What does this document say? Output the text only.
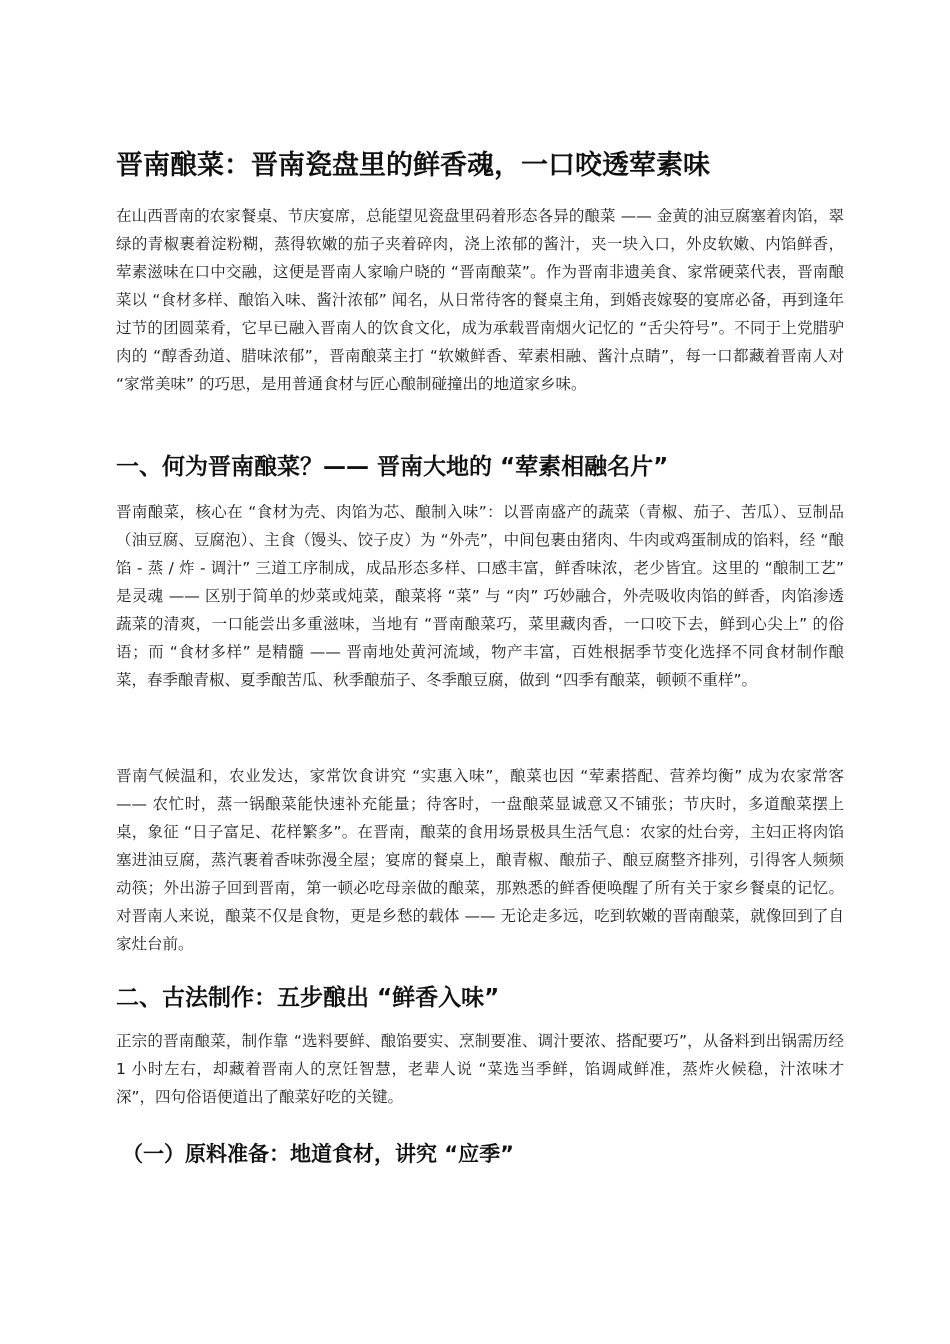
晋南酿菜：晋南瓷盘里的鲜香魂，一口咬透荤素味

在山西晋南的农家餐桌、节庆宴席，总能望见瓷盘里码着形态各异的酿菜 —— 金黄的油豆腐塞着肉馅，翠绿的青椒裹着淀粉糊，蒸得软嫩的茄子夹着碎肉，浇上浓郁的酱汁，夹一块入口，外皮软嫩、内馅鲜香，荤素滋味在口中交融，这便是晋南人家喻户晓的 “晋南酿菜”。作为晋南非遗美食、家常硬菜代表，晋南酿菜以 “食材多样、酿馅入味、酱汁浓郁” 闻名，从日常待客的餐桌主角，到婚丧嫁娶的宴席必备，再到逢年过节的团圆菜肴，它早已融入晋南人的饮食文化，成为承载晋南烟火记忆的 “舌尖符号”。不同于上党腊驴肉的 “醇香劲道、腊味浓郁”，晋南酿菜主打 “软嫩鲜香、荤素相融、酱汁点睛”，每一口都藏着晋南人对 “家常美味” 的巧思，是用普通食材与匠心酿制碰撞出的地道家乡味。

一、何为晋南酿菜？—— 晋南大地的 “荤素相融名片”

晋南酿菜，核心在 “食材为壳、肉馅为芯、酿制入味”：以晋南盛产的蔬菜（青椒、茄子、苦瓜）、豆制品（油豆腐、豆腐泡）、主食（馒头、饺子皮）为 “外壳”，中间包裹由猪肉、牛肉或鸡蛋制成的馅料，经 “酿馅 - 蒸 / 炸 - 调汁” 三道工序制成，成品形态多样、口感丰富，鲜香味浓，老少皆宜。这里的 “酿制工艺” 是灵魂 —— 区别于简单的炒菜或炖菜，酿菜将 “菜” 与 “肉” 巧妙融合，外壳吸收肉馅的鲜香，肉馅渗透蔬菜的清爽，一口能尝出多重滋味，当地有 “晋南酿菜巧，菜里藏肉香，一口咬下去，鲜到心尖上” 的俗语；而 “食材多样” 是精髓 —— 晋南地处黄河流域，物产丰富，百姓根据季节变化选择不同食材制作酿菜，春季酿青椒、夏季酿苦瓜、秋季酿茄子、冬季酿豆腐，做到 “四季有酿菜，顿顿不重样”。

晋南气候温和，农业发达，家常饮食讲究 “实惠入味”，酿菜也因 “荤素搭配、营养均衡” 成为农家常客 —— 农忙时，蒸一锅酿菜能快速补充能量；待客时，一盘酿菜显诚意又不铺张；节庆时，多道酿菜摆上桌，象征 “日子富足、花样繁多”。在晋南，酿菜的食用场景极具生活气息：农家的灶台旁，主妇正将肉馅塞进油豆腐，蒸汽裹着香味弥漫全屋；宴席的餐桌上，酿青椒、酿茄子、酿豆腐整齐排列，引得客人频频动筷；外出游子回到晋南，第一顿必吃母亲做的酿菜，那熟悉的鲜香便唤醒了所有关于家乡餐桌的记忆。对晋南人来说，酿菜不仅是食物，更是乡愁的载体 —— 无论走多远，吃到软嫩的晋南酿菜，就像回到了自家灶台前。

二、古法制作：五步酿出 “鲜香入味”

正宗的晋南酿菜，制作靠 “选料要鲜、酿馅要实、烹制要准、调汁要浓、搭配要巧”，从备料到出锅需历经 1 小时左右，却藏着晋南人的烹饪智慧，老辈人说 “菜选当季鲜，馅调咸鲜准，蒸炸火候稳，汁浓味才深”，四句俗语便道出了酿菜好吃的关键。

（一）原料准备：地道食材，讲究 “应季”
